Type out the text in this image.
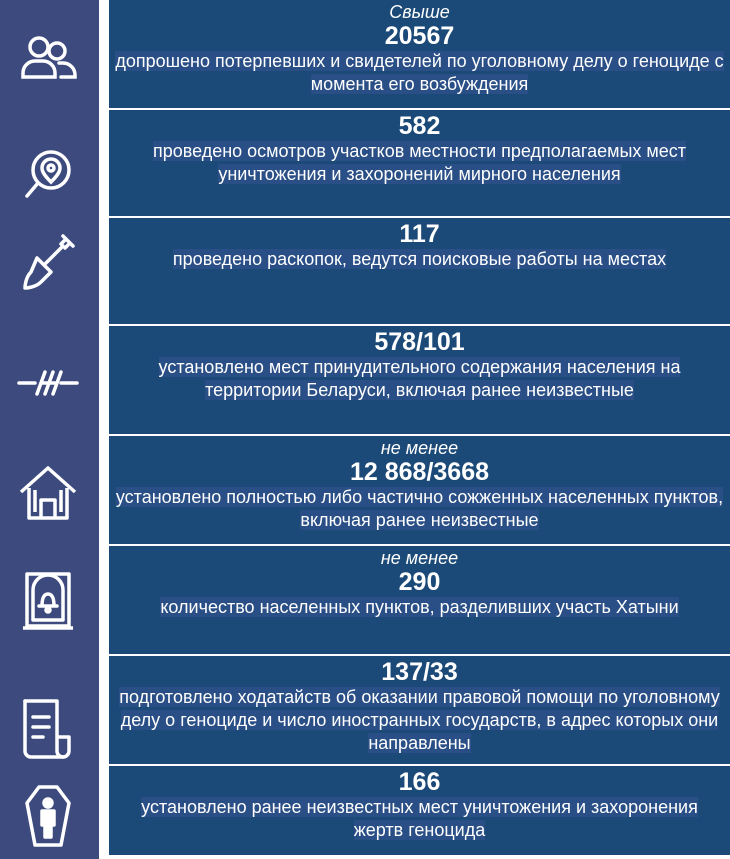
Свыше
20567
допрошено потерпевших и свидетелей по уголовному делу о геноциде с момента его возбуждения
582
проведено осмотров участков местности предполагаемых мест уничтожения и захоронений мирного населения
117
проведено раскопок, ведутся поисковые работы на местах
578/101
установлено мест принудительного содержания населения на территории Беларуси, включая ранее неизвестные
не менее
12 868/3668
установлено полностью либо частично сожженных населенных пунктов, включая ранее неизвестные
не менее
290
количество населенных пунктов, разделивших участь Хатыни
137/33
подготовлено ходатайств об оказании правовой помощи по уголовному делу о геноциде и число иностранных государств, в адрес которых они направлены
166
установлено ранее неизвестных мест уничтожения и захоронения жертв геноцида
